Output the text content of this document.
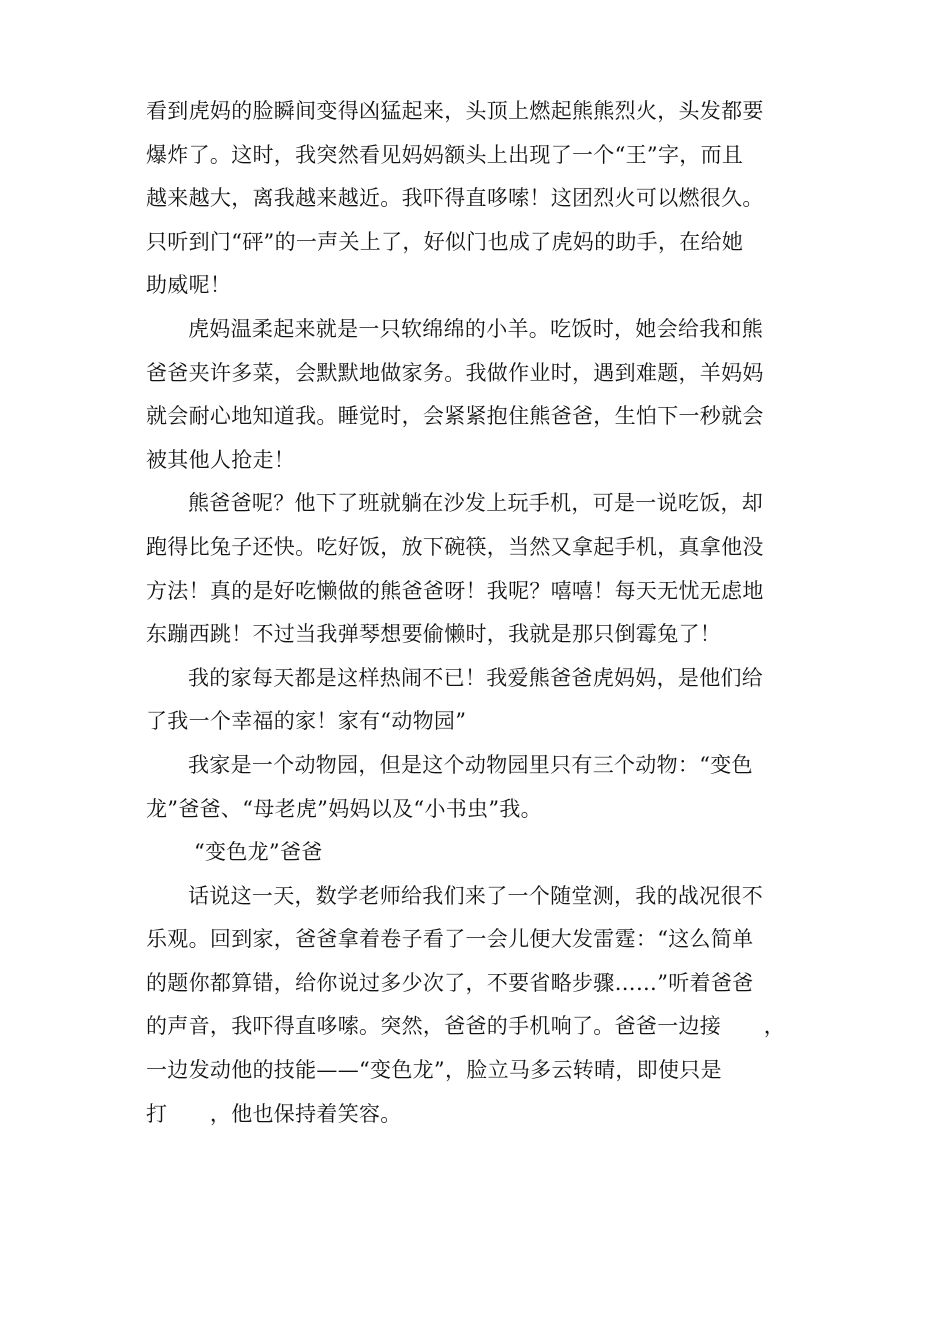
看到虎妈的脸瞬间变得凶猛起来，头顶上燃起熊熊烈火，头发都要
爆炸了。这时，我突然看见妈妈额头上出现了一个“王”字，而且
越来越大，离我越来越近。我吓得直哆嗦！这团烈火可以燃很久。
只听到门“砰”的一声关上了，好似门也成了虎妈的助手，在给她
助威呢！

虎妈温柔起来就是一只软绵绵的小羊。吃饭时，她会给我和熊
爸爸夹许多菜，会默默地做家务。我做作业时，遇到难题，羊妈妈
就会耐心地知道我。睡觉时，会紧紧抱住熊爸爸，生怕下一秒就会
被其他人抢走！

熊爸爸呢？他下了班就躺在沙发上玩手机，可是一说吃饭，却
跑得比兔子还快。吃好饭，放下碗筷，当然又拿起手机，真拿他没
方法！真的是好吃懒做的熊爸爸呀！我呢？嘻嘻！每天无忧无虑地
东蹦西跳！不过当我弹琴想要偷懒时，我就是那只倒霉兔了！

我的家每天都是这样热闹不已！我爱熊爸爸虎妈妈，是他们给
了我一个幸福的家！家有“动物园”

我家是一个动物园，但是这个动物园里只有三个动物：“变色
龙”爸爸、“母老虎”妈妈以及“小书虫”我。

“变色龙”爸爸

话说这一天，数学老师给我们来了一个随堂测，我的战况很不
乐观。回到家，爸爸拿着卷子看了一会儿便大发雷霆：“这么简单
的题你都算错，给你说过多少次了，不要省略步骤……”听着爸爸
的声音，我吓得直哆嗦。突然，爸爸的手机响了。爸爸一边接　　，
一边发动他的技能——“变色龙”，脸立马多云转晴，即使只是
打　　，他也保持着笑容。
